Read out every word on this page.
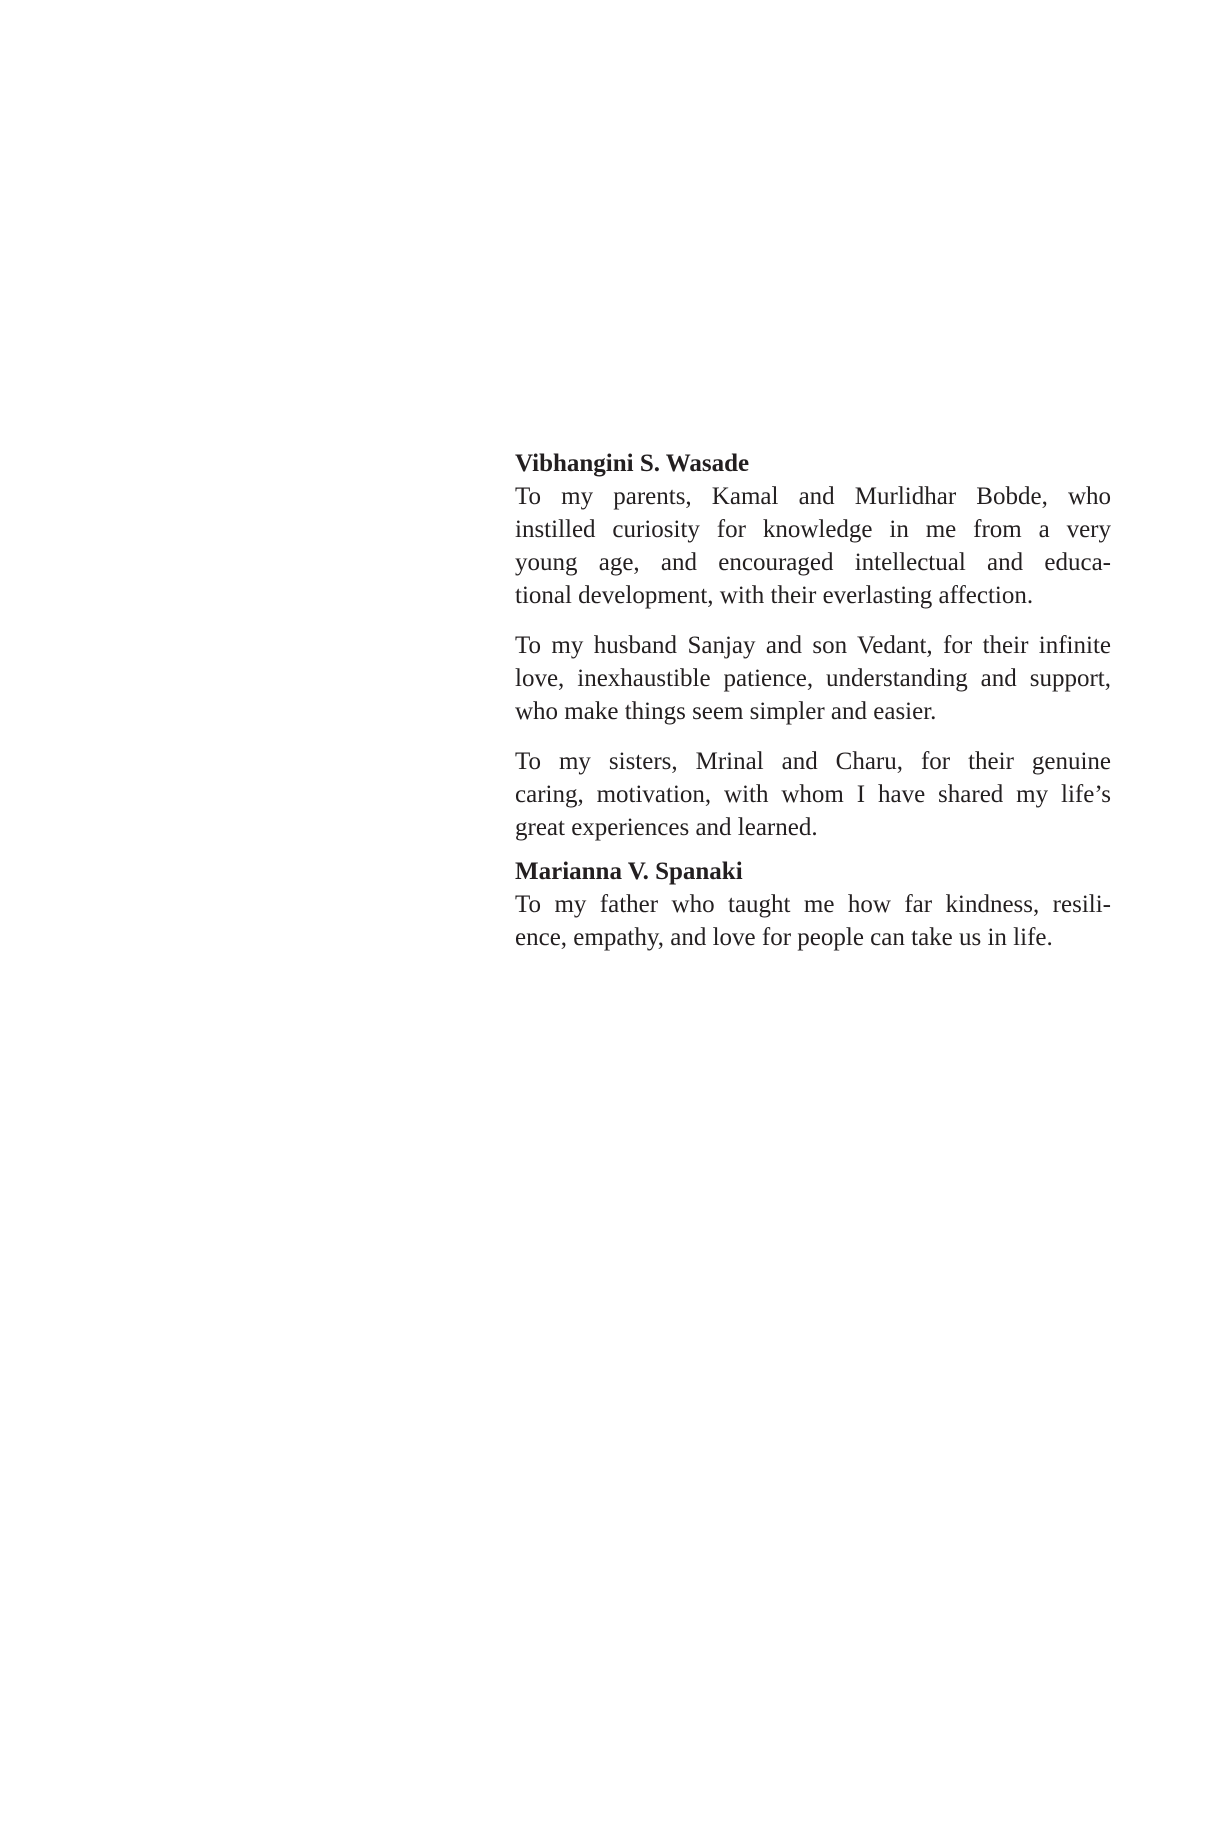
Vibhangini S. Wasade

To my parents, Kamal and Murlidhar Bobde, who
instilled curiosity for knowledge in me from a very
young age, and encouraged intellectual and educa-
tional development, with their everlasting affection.

To my husband Sanjay and son Vedant, for their infinite
love, inexhaustible patience, understanding and support,
who make things seem simpler and easier.

To my sisters, Mrinal and Charu, for their genuine
caring, motivation, with whom I have shared my life’s
great experiences and learned.

Marianna V. Spanaki

To my father who taught me how far kindness, resili-
ence, empathy, and love for people can take us in life.
